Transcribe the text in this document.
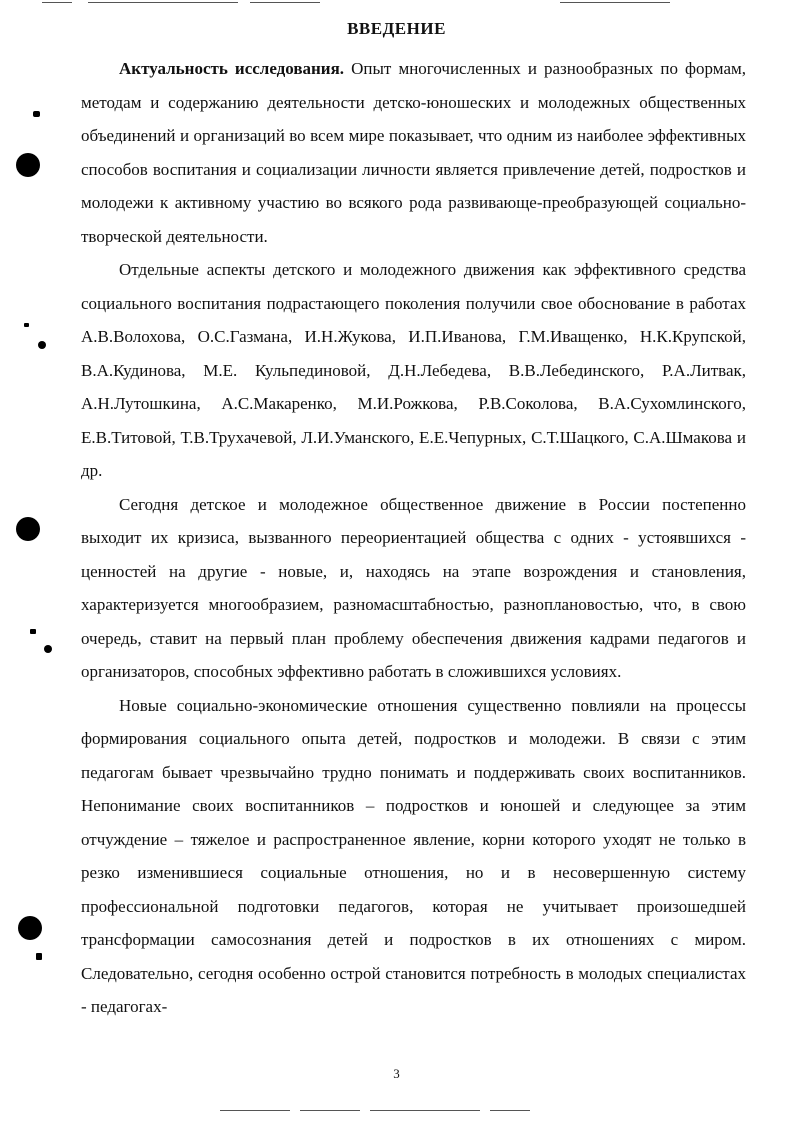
ВВЕДЕНИЕ

Актуальность исследования. Опыт многочисленных и разнообразных по формам, методам и содержанию деятельности детско-юношеских и молодежных общественных объединений и организаций во всем мире показывает, что одним из наиболее эффективных способов воспитания и социализации личности является привлечение детей, подростков и молодежи к активному участию во всякого рода развивающе-преобразующей социально-творческой деятельности.

Отдельные аспекты детского и молодежного движения как эффективного средства социального воспитания подрастающего поколения получили свое обоснование в работах А.В.Волохова, О.С.Газмана, И.Н.Жукова, И.П.Иванова, Г.М.Иващенко, Н.К.Крупской, В.А.Кудинова, М.Е. Кульпединовой, Д.Н.Лебедева, В.В.Лебединского, Р.А.Литвак, А.Н.Лутошкина, А.С.Макаренко, М.И.Рожкова, Р.В.Соколова, В.А.Сухомлинского, Е.В.Титовой, Т.В.Трухачевой, Л.И.Уманского, Е.Е.Чепурных, С.Т.Шацкого, С.А.Шмакова и др.

Сегодня детское и молодежное общественное движение в России постепенно выходит их кризиса, вызванного переориентацией общества с одних - устоявшихся - ценностей на другие - новые, и, находясь на этапе возрождения и становления, характеризуется многообразием, разномасштабностью, разноплановостью, что, в свою очередь, ставит на первый план проблему обеспечения движения кадрами педагогов и организаторов, способных эффективно работать в сложившихся условиях.

Новые социально-экономические отношения существенно повлияли на процессы формирования социального опыта детей, подростков и молодежи. В связи с этим педагогам бывает чрезвычайно трудно понимать и поддерживать своих воспитанников. Непонимание своих воспитанников – подростков и юношей и следующее за этим отчуждение – тяжелое и распространенное явление, корни которого уходят не только в резко изменившиеся социальные отношения, но и в несовершенную систему профессиональной подготовки педагогов, которая не учитывает произошедшей трансформации самосознания детей и подростков в их отношениях с миром. Следовательно, сегодня особенно острой становится потребность в молодых специалистах - педагогах-

3
